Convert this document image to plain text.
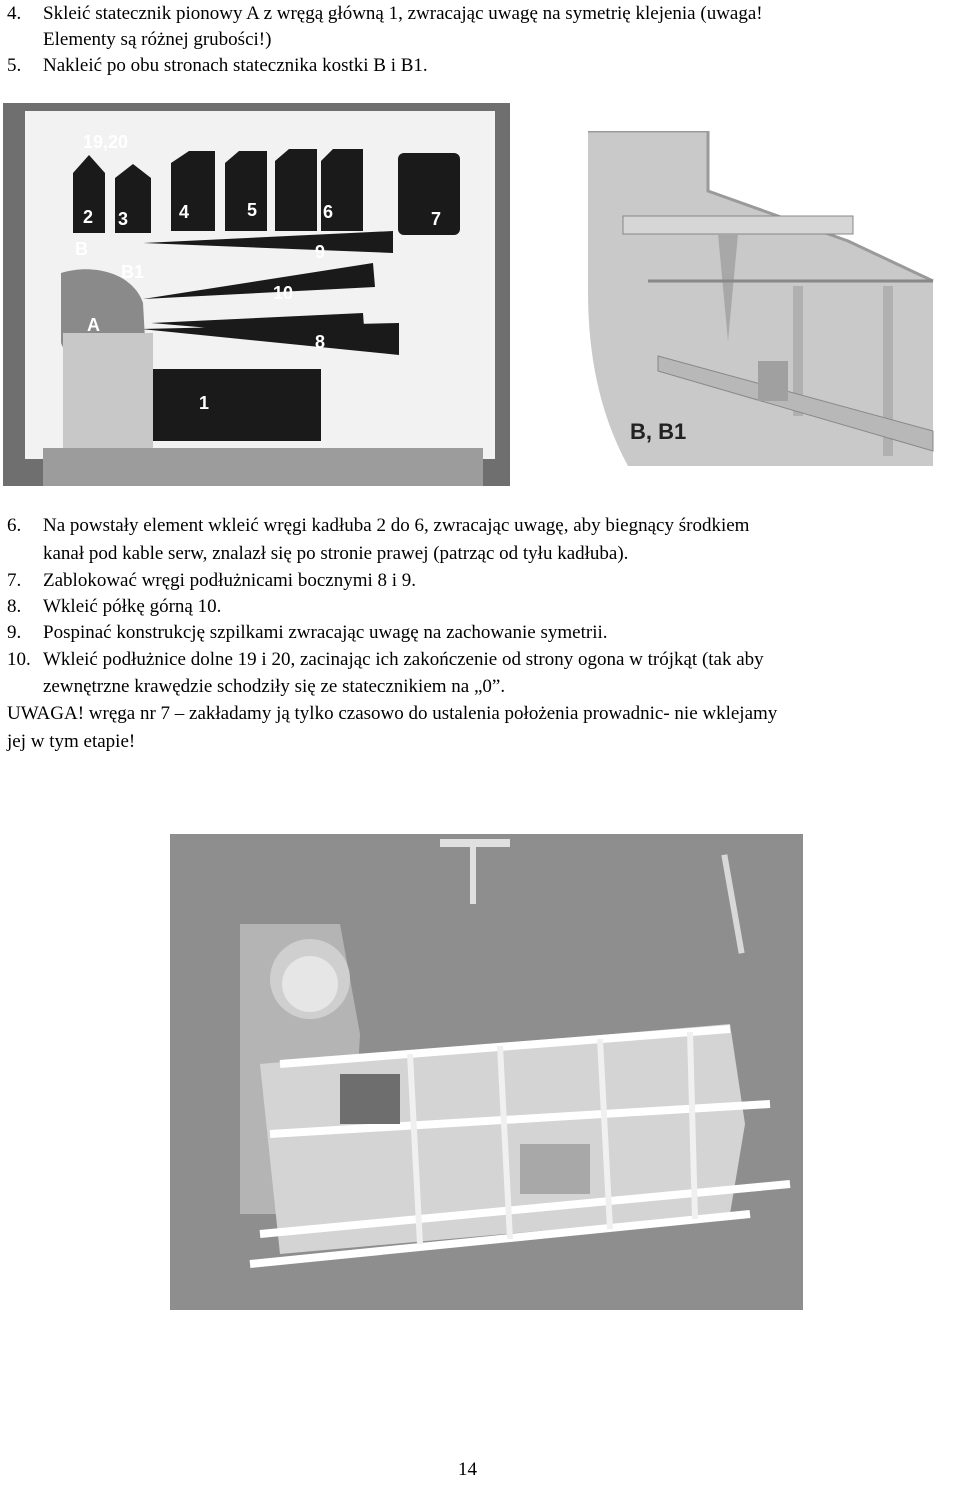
4. Skleić statecznik pionowy A z wręgą główną 1, zwracając uwagę na symetrię klejenia (uwaga!
Elementy są różnej grubości!)
5. Nakleić po obu stronach statecznika kostki B i B1.
19,20
2 3	4	5	6	7
9
10
8
1
B
B1
A
B, B1
6. Na powstały element wkleić wręgi kadłuba 2 do 6, zwracając uwagę, aby biegnący środkiem
kanał pod kable serw, znalazł się po stronie prawej (patrząc od tyłu kadłuba).
7. Zablokować wręgi podłużnicami bocznymi 8 i 9.
8. Wkleić półkę górną 10.
9. Pospinać konstrukcję szpilkami zwracając uwagę na zachowanie symetrii.
10. Wkleić podłużnice dolne 19 i 20, zacinając ich zakończenie od strony ogona w trójkąt (tak aby
zewnętrzne krawędzie schodziły się ze statecznikiem na „0”.
UWAGA! wręga nr 7 – zakładamy ją tylko czasowo do ustalenia położenia prowadnic- nie wklejamy
jej w tym etapie!
14
